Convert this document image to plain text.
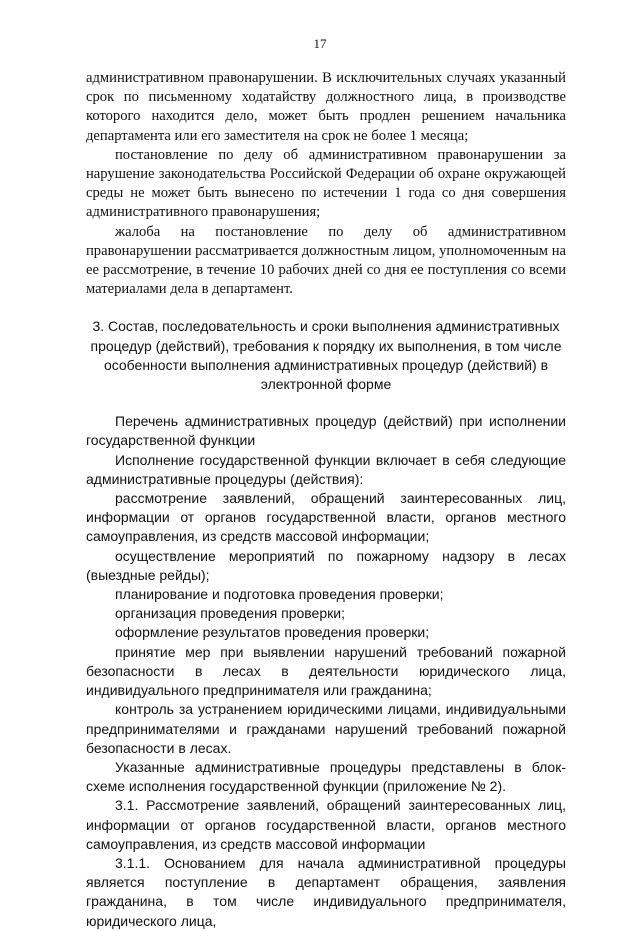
17

административном правонарушении. В исключительных случаях указанный срок по письменному ходатайству должностного лица, в производстве которого находится дело, может быть продлен решением начальника департамента или его заместителя на срок не более 1 месяца;

постановление по делу об административном правонарушении за нарушение законодательства Российской Федерации об охране окружающей среды не может быть вынесено по истечении 1 года со дня совершения административного правонарушения;

жалоба на постановление по делу об административном правонарушении рассматривается должностным лицом, уполномоченным на ее рассмотрение, в течение 10 рабочих дней со дня ее поступления со всеми материалами дела в департамент.

3. Состав, последовательность и сроки выполнения административных процедур (действий), требования к порядку их выполнения, в том числе особенности выполнения административных процедур (действий) в электронной форме

Перечень административных процедур (действий) при исполнении государственной функции

Исполнение государственной функции включает в себя следующие административные процедуры (действия):

рассмотрение заявлений, обращений заинтересованных лиц, информации от органов государственной власти, органов местного самоуправления, из средств массовой информации;

осуществление мероприятий по пожарному надзору в лесах (выездные рейды);

планирование и подготовка проведения проверки;

организация проведения проверки;

оформление результатов проведения проверки;

принятие мер при выявлении нарушений требований пожарной безопасности в лесах в деятельности юридического лица, индивидуального предпринимателя или гражданина;

контроль за устранением юридическими лицами, индивидуальными предпринимателями и гражданами нарушений требований пожарной безопасности в лесах.

Указанные административные процедуры представлены в блок-схеме исполнения государственной функции (приложение № 2).

3.1. Рассмотрение заявлений, обращений заинтересованных лиц, информации от органов государственной власти, органов местного самоуправления, из средств массовой информации

3.1.1. Основанием для начала административной процедуры является поступление в департамент обращения, заявления гражданина, в том числе индивидуального предпринимателя, юридического лица,
